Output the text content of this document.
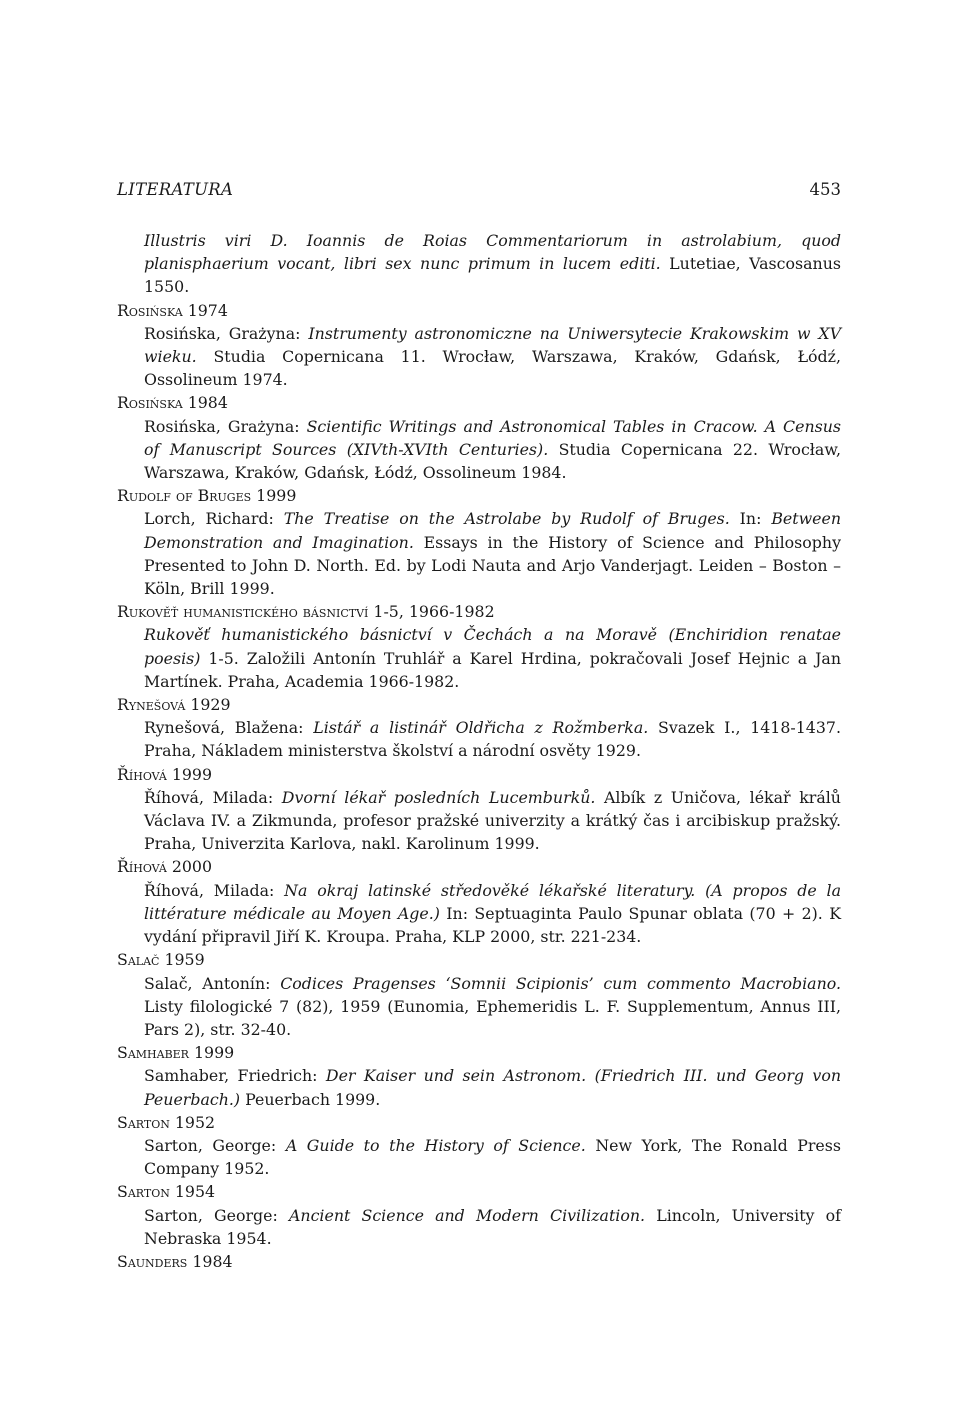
LITERATURA	453
Illustris viri D. Ioannis de Roias Commentariorum in astrolabium, quod planisphaerium vocant, libri sex nunc primum in lucem editi. Lutetiae, Vascosanus 1550.
Rosińska 1974
Rosińska, Grażyna: Instrumenty astronomiczne na Uniwersytecie Krakowskim w XV wieku. Studia Copernicana 11. Wrocław, Warszawa, Kraków, Gdańsk, Łódź, Ossolineum 1974.
Rosińska 1984
Rosińska, Grażyna: Scientific Writings and Astronomical Tables in Cracow. A Census of Manuscript Sources (XIVth-XVIth Centuries). Studia Copernicana 22. Wrocław, Warszawa, Kraków, Gdańsk, Łódź, Ossolineum 1984.
Rudolf of Bruges 1999
Lorch, Richard: The Treatise on the Astrolabe by Rudolf of Bruges. In: Between Demonstration and Imagination. Essays in the History of Science and Philosophy Presented to John D. North. Ed. by Lodi Nauta and Arjo Vanderjagt. Leiden – Boston – Köln, Brill 1999.
Rukověť humanistického básnictví 1-5, 1966-1982
Rukověť humanistického básnictví v Čechách a na Moravě (Enchiridion renatae poesis) 1-5. Založili Antonín Truhlář a Karel Hrdina, pokračovali Josef Hejnic a Jan Martínek. Praha, Academia 1966-1982.
Rynešová 1929
Rynešová, Blažena: Listář a listinář Oldřicha z Rožmberka. Svazek I., 1418-1437. Praha, Nákladem ministerstva školství a národní osvěty 1929.
Říhová 1999
Říhová, Milada: Dvorní lékař posledních Lucemburků. Albík z Uničova, lékař králů Václava IV. a Zikmunda, profesor pražské univerzity a krátký čas i arcibiskup pražský. Praha, Univerzita Karlova, nakl. Karolinum 1999.
Říhová 2000
Říhová, Milada: Na okraj latinské středověké lékařské literatury. (A propos de la littérature médicale au Moyen Age.) In: Septuaginta Paulo Spunar oblata (70 + 2). K vydání připravil Jiří K. Kroupa. Praha, KLP 2000, str. 221-234.
Salač 1959
Salač, Antonín: Codices Pragenses ‘Somnii Scipionis’ cum commento Macrobiano. Listy filologické 7 (82), 1959 (Eunomia, Ephemeridis L. F. Supplementum, Annus III, Pars 2), str. 32-40.
Samhaber 1999
Samhaber, Friedrich: Der Kaiser und sein Astronom. (Friedrich III. und Georg von Peuerbach.) Peuerbach 1999.
Sarton 1952
Sarton, George: A Guide to the History of Science. New York, The Ronald Press Company 1952.
Sarton 1954
Sarton, George: Ancient Science and Modern Civilization. Lincoln, University of Nebraska 1954.
Saunders 1984
